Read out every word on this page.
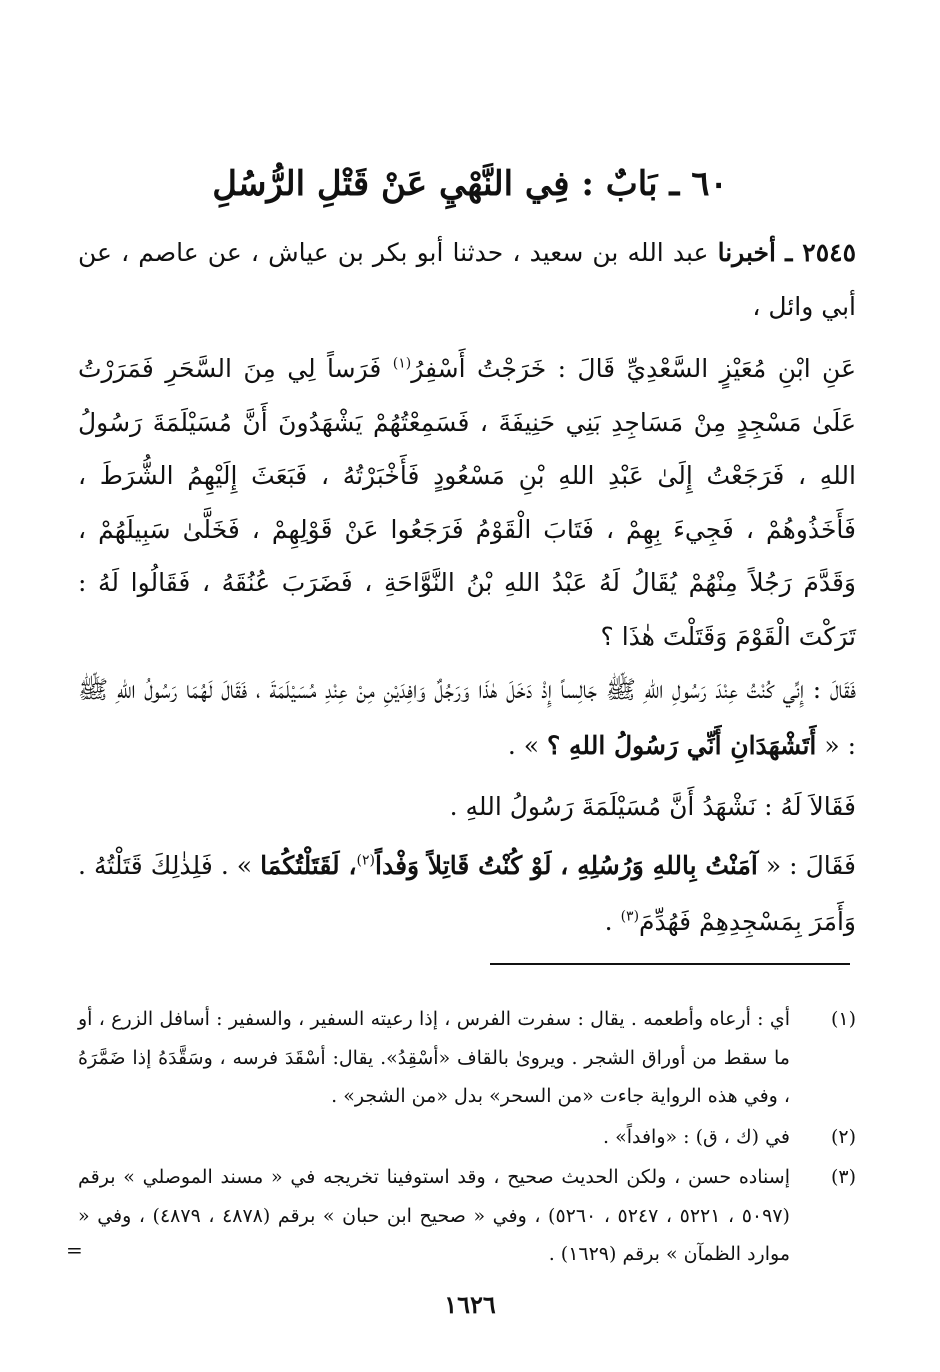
٦٠ ـ بَابٌ : فِي النَّهْيِ عَنْ قَتْلِ الرُّسُلِ
٢٥٤٥ ـ أخبرنا عبد الله بن سعيد ، حدثنا أبو بكر بن عياش ، عن عاصم ، عن أبي وائل ،
عَنِ ابْنِ مُعَيْزٍ السَّعْدِيِّ قَالَ : خَرَجْتُ أَسْفِرُ$^{(١)}$ فَرَساً لِي مِنَ السَّحَرِ فَمَرَرْتُ عَلَىٰ مَسْجِدٍ مِنْ مَسَاجِدِ بَنِي حَنِيفَةَ ، فَسَمِعْتُهُمْ يَشْهَدُونَ أَنَّ مُسَيْلَمَةَ رَسُولُ اللهِ ، فَرَجَعْتُ إِلَىٰ عَبْدِ اللهِ بْنِ مَسْعُودٍ فَأَخْبَرْتُهُ ، فَبَعَثَ إِلَيْهِمُ الشُّرَطَ ، فَأَخَذُوهُمْ ، فَجِيءَ بِهِمْ ، فَتَابَ الْقَوْمُ فَرَجَعُوا عَنْ قَوْلِهِمْ ، فَخَلَّىٰ سَبِيلَهُمْ ، وَقَدَّمَ رَجُلاً مِنْهُمْ يُقَالُ لَهُ عَبْدُ اللهِ بْنُ النَّوَّاحَةِ ، فَضَرَبَ عُنُقَهُ ، فَقَالُوا لَهُ : تَرَكْتَ الْقَوْمَ وَقَتَلْتَ هٰذَا ؟
فَقَالَ : إِنِّي كُنْتُ عِنْدَ رَسُولِ اللهِ ﷺ جَالِساً إِذْ دَخَلَ هٰذَا وَرَجُلٌ وَافِدَيْنِ مِنْ عِنْدِ مُسَيْلَمَةَ ، فَقَالَ لَهُمَا رَسُولُ اللهِ ﷺ : « أَتَشْهَدَانِ أَنِّي رَسُولُ اللهِ ؟ » .
فَقَالاَ لَهُ : نَشْهَدُ أَنَّ مُسَيْلَمَةَ رَسُولُ اللهِ .
فَقَالَ : « آمَنْتُ بِاللهِ وَرُسُلِهِ ، لَوْ كُنْتُ قَاتِلاً وَفْداً$^{(٢)}$، لَقَتَلْتُكُمَا » . فَلِذٰلِكَ قَتَلْتُهُ . وَأَمَرَ بِمَسْجِدِهِمْ فَهُدِّمَ$^{(٣)}$ .
(١)
أي : أرعاه وأطعمه . يقال : سفرت الفرس ، إذا رعيته السفير ، والسفير : أسافل الزرع ، أو ما سقط من أوراق الشجر . ويروىٰ بالقاف «أسْقِدُ». يقال: أسْقَدَ فرسه ، وسَقَّدَهُ إذا ضَمَّرَهُ ، وفي هذه الرواية جاءت «من السحر» بدل «من الشجر» .
(٢)
في (ك ، ق) : «وافداً» .
(٣)
إسناده حسن ، ولكن الحديث صحيح ، وقد استوفينا تخريجه في « مسند الموصلي » برقم (٥٠٩٧ ، ٥٢٢١ ، ٥٢٤٧ ، ٥٢٦٠) ، وفي « صحيح ابن حبان » برقم (٤٨٧٨ ، ٤٨٧٩) ، وفي « موارد الظمآن » برقم (١٦٢٩) .
=
١٦٢٦
